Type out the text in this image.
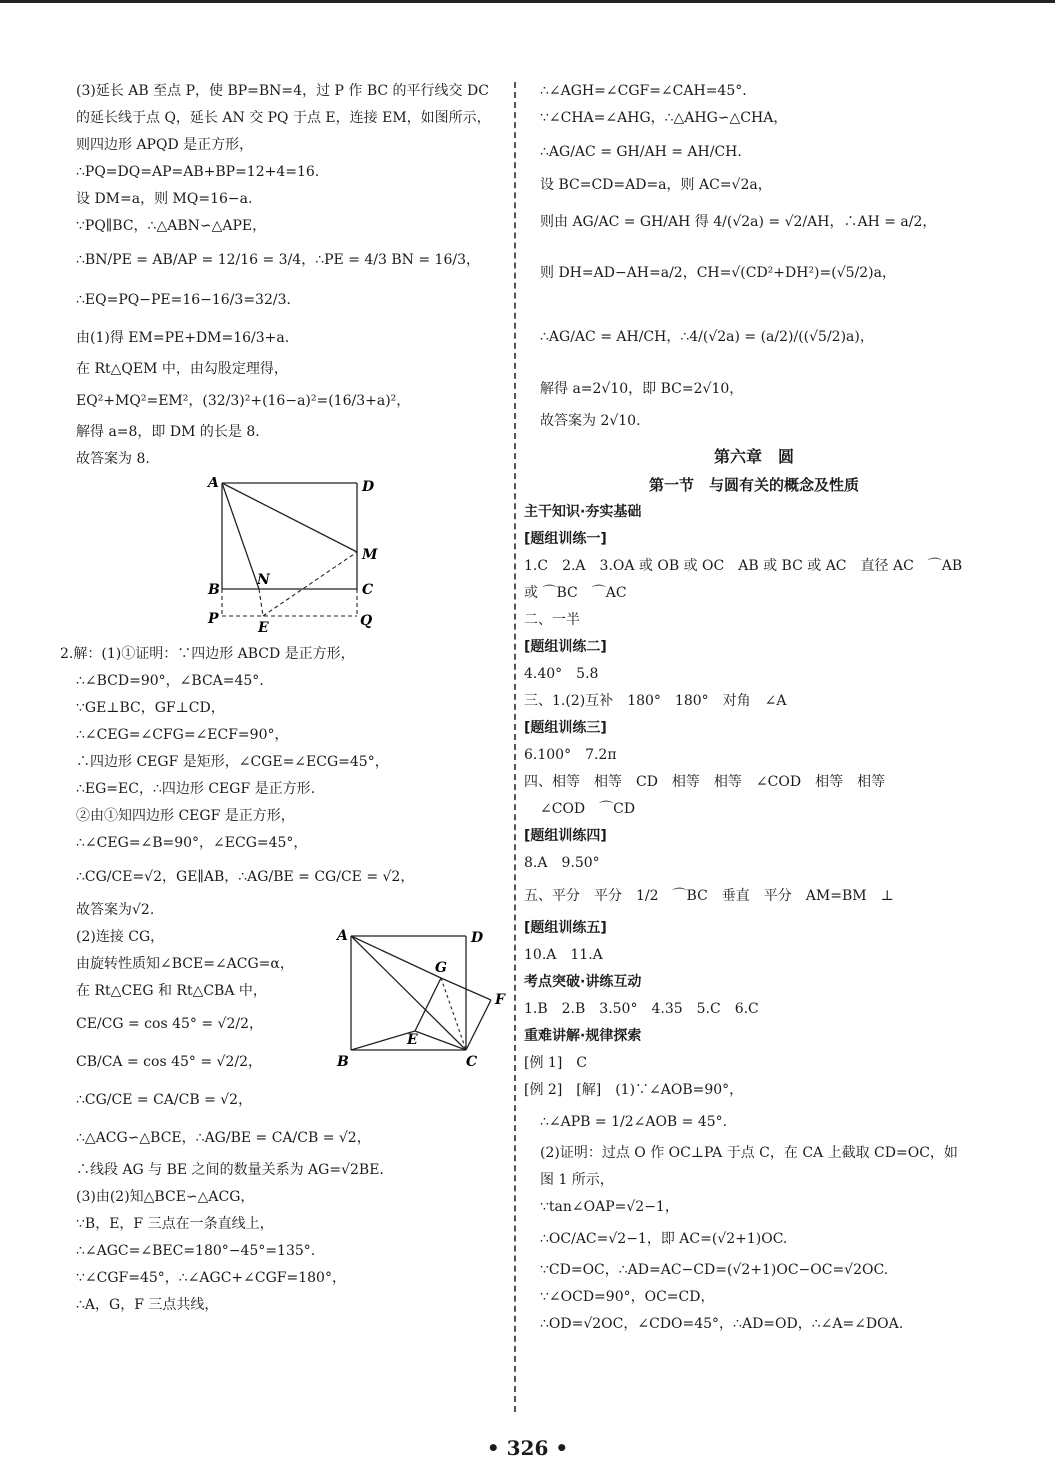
(3)延长 AB 至点 P，使 BP=BN=4，过 P 作 BC 的平行线交 DC
的延长线于点 Q，延长 AN 交 PQ 于点 E，连接 EM，如图所示，
则四边形 APQD 是正方形，
∴PQ=DQ=AP=AB+BP=12+4=16.
设 DM=a，则 MQ=16−a.
∵PQ∥BC，∴△ABN∽△APE，
∴BN/PE = AB/AP = 12/16 = 3/4，∴PE = 4/3 BN = 16/3，
∴EQ=PQ−PE=16−16/3=32/3.
由(1)得 EM=PE+DM=16/3+a.
在 Rt△QEM 中，由勾股定理得，
EQ²+MQ²=EM²，(32/3)²+(16−a)²=(16/3+a)²，
解得 a=8，即 DM 的长是 8.
故答案为 8.
A	D
M
B
N
C
P
E	Q
2.解：(1)①证明：∵四边形 ABCD 是正方形，
∴∠BCD=90°，∠BCA=45°.
∵GE⊥BC，GF⊥CD，
∴∠CEG=∠CFG=∠ECF=90°，
∴四边形 CEGF 是矩形，∠CGE=∠ECG=45°，
∴EG=EC，∴四边形 CEGF 是正方形.
②由①知四边形 CEGF 是正方形，
∴∠CEG=∠B=90°，∠ECG=45°，
∴CG/CE=√2，GE∥AB，∴AG/BE = CG/CE = √2，
故答案为√2.
(2)连接 CG，
由旋转性质知∠BCE=∠ACG=α，
在 Rt△CEG 和 Rt△CBA 中，
CE/CG = cos 45° = √2/2，
CB/CA = cos 45° = √2/2，
∴CG/CE = CA/CB = √2，
∴△ACG∽△BCE，∴AG/BE = CA/CB = √2，
A	D
G
F
E
B	C
∴线段 AG 与 BE 之间的数量关系为 AG=√2BE.
(3)由(2)知△BCE∽△ACG，
∵B，E，F 三点在一条直线上，
∴∠AGC=∠BEC=180°−45°=135°.
∵∠CGF=45°，∴∠AGC+∠CGF=180°，
∴A，G，F 三点共线，
∴∠AGH=∠CGF=∠CAH=45°.
∵∠CHA=∠AHG，∴△AHG∽△CHA，
∴AG/AC = GH/AH = AH/CH.
设 BC=CD=AD=a，则 AC=√2a，
则由 AG/AC = GH/AH 得 4/(√2a) = √2/AH，∴AH = a/2，
则 DH=AD−AH=a/2，CH=√(CD²+DH²)=(√5/2)a，
∴AG/AC = AH/CH，∴4/(√2a) = (a/2)/((√5/2)a)，
解得 a=2√10，即 BC=2√10，
故答案为 2√10.
第六章　圆
第一节　与圆有关的概念及性质
主干知识·夯实基础
[题组训练一]
1.C　2.A　3.OA 或 OB 或 OC　AB 或 BC 或 AC　直径 AC　⌒AB
或 ⌒BC　⌒AC
二、一半
[题组训练二]
4.40°　5.8
三、1.(2)互补　180°　180°　对角　∠A
[题组训练三]
6.100°　7.2π
四、相等　相等　CD　相等　相等　∠COD　相等　相等
∠COD　⌒CD
[题组训练四]
8.A　9.50°
五、平分　平分　1/2　⌒BC　垂直　平分　AM=BM　⊥
[题组训练五]
10.A　11.A
考点突破·讲练互动
1.B　2.B　3.50°　4.35　5.C　6.C
重难讲解·规律探索
[例 1]　C
[例 2]　[解]　(1)∵∠AOB=90°，
∴∠APB = 1/2∠AOB = 45°.
(2)证明：过点 O 作 OC⊥PA 于点 C，在 CA 上截取 CD=OC，如
图 1 所示，
∵tan∠OAP=√2−1，
∴OC/AC=√2−1，即 AC=(√2+1)OC.
∵CD=OC，∴AD=AC−CD=(√2+1)OC−OC=√2OC.
∵∠OCD=90°，OC=CD，
∴OD=√2OC，∠CDO=45°，∴AD=OD，∴∠A=∠DOA.
• 326 •
